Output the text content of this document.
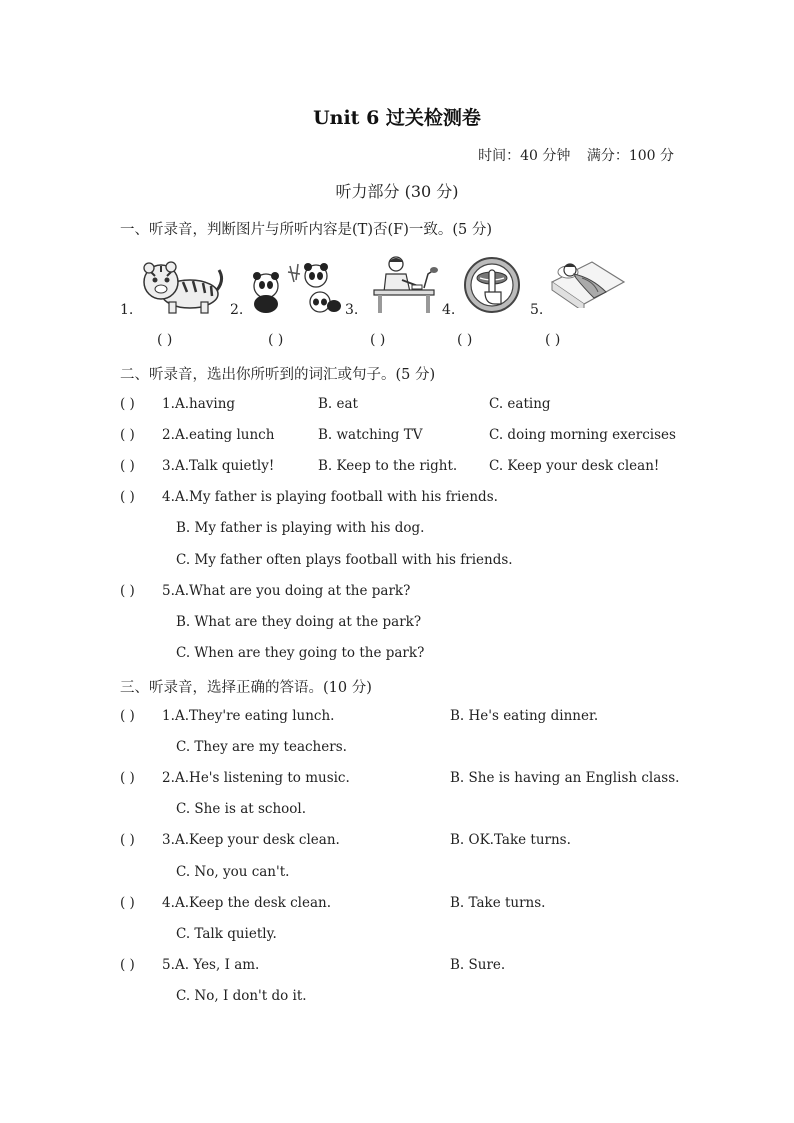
Unit 6 过关检测卷
时间：40 分钟 满分：100 分
听力部分 (30 分)
一、听录音，判断图片与所听内容是(T)否(F)一致。(5 分)
1.	2.	3.	4.	5.
( )	( )	( )	( )	( )
二、听录音，选出你所听到的词汇或句子。(5 分)
( ) 1. A.having	B. eat	C. eating
( ) 2. A.eating lunch	B. watching TV	C. doing morning exercises
( ) 3. A.Talk quietly!	B. Keep to the right. C. Keep your desk clean!
( ) 4. A.My father is playing football with his friends.
B. My father is playing with his dog.
C. My father often plays football with his friends.
( ) 5. A.What are you doing at the park?
B. What are they doing at the park?
C. When are they going to the park?
三、听录音，选择正确的答语。(10 分)
( ) 1. A.They're eating lunch.	B. He's eating dinner.
C. They are my teachers.
( ) 2. A.He's listening to music.	B. She is having an English class.
C. She is at school.
( ) 3. A.Keep your desk clean.	B. OK.Take turns.
C. No, you can't.
( ) 4. A.Keep the desk clean.	B. Take turns.
C. Talk quietly.
( ) 5. A. Yes, I am.	B. Sure.
C. No, I don't do it.
